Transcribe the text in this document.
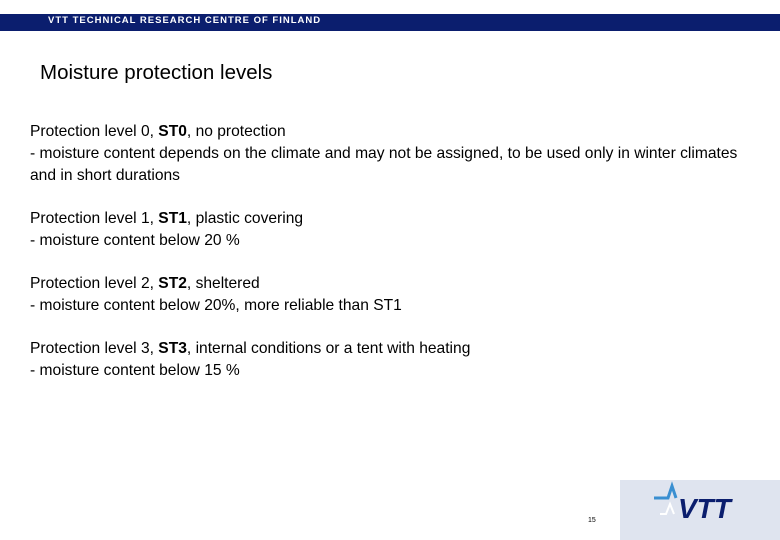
VTT TECHNICAL RESEARCH CENTRE OF FINLAND
Moisture protection levels

Protection level 0, ST0, no protection

- moisture content depends on the climate and may not be assigned, to be used only in winter climates and in short durations

Protection level 1, ST1, plastic covering

- moisture content below 20 %

Protection level 2, ST2, sheltered

- moisture content below 20%, more reliable than ST1

Protection level 3, ST3, internal conditions or a tent with heating

- moisture content below 15 %

15	VTT
